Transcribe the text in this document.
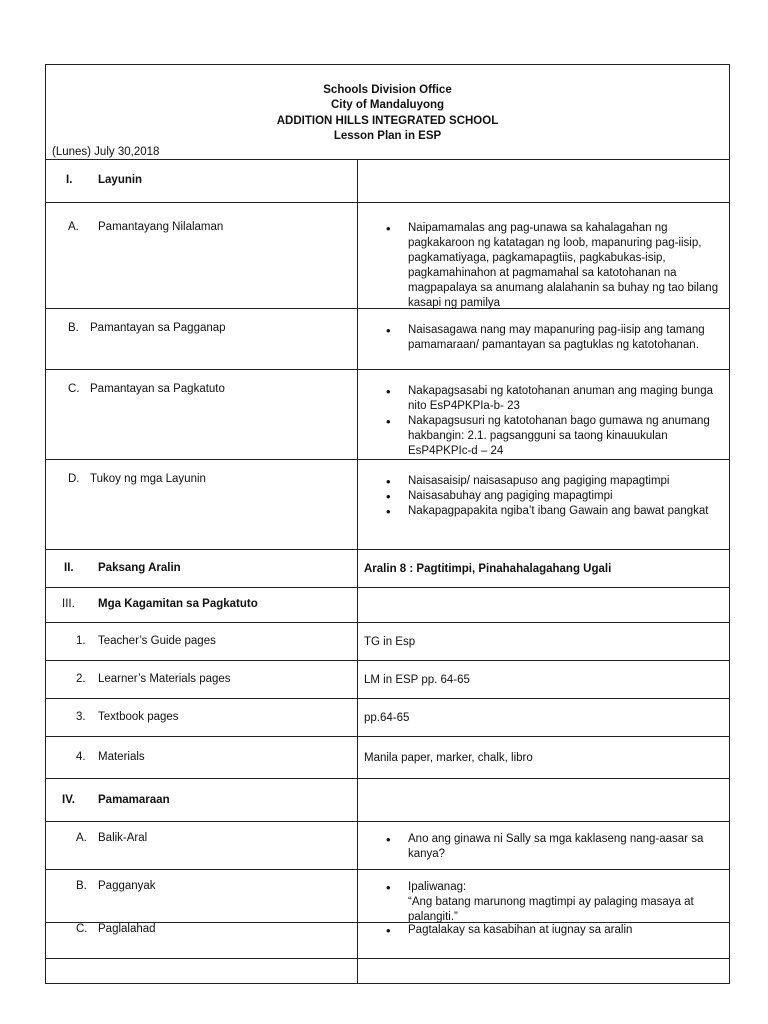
Schools Division Office
City of Mandaluyong
ADDITION HILLS INTEGRATED SCHOOL
Lesson Plan in ESP
(Lunes) July 30,2018
I. Layunin
A. Pamantayang Nilalaman	• Naipamamalas ang pag-unawa sa kahalagahan ng pagkakaroon ng katatagan ng loob, mapanuring pag-iisip, pagkamatiyaga, pagkamapagtiis, pagkabukas-isip, pagkamahinahon at pagmamahal sa katotohanan na magpapalaya sa anumang alalahanin sa buhay ng tao bilang kasapi ng pamilya
B. Pamantayan sa Pagganap	• Naisasagawa nang may mapanuring pag-iisip ang tamang pamamaraan/ pamantayan sa pagtuklas ng katotohanan.
C. Pamantayan sa Pagkatuto	• Nakapagsasabi ng katotohanan anuman ang maging bunga nito EsP4PKPIa-b- 23
• Nakapagsusuri ng katotohanan bago gumawa ng anumang hakbangin: 2.1. pagsangguni sa taong kinauukulan EsP4PKPIc-d – 24
D. Tukoy ng mga Layunin	• Naisasaisip/ naisasapuso ang pagiging mapagtimpi
• Naisasabuhay ang pagiging mapagtimpi
• Nakapagpapakita ngiba’t ibang Gawain ang bawat pangkat
II. Paksang Aralin	Aralin 8 : Pagtitimpi, Pinahahalagahang Ugali
III. Mga Kagamitan sa Pagkatuto
1. Teacher’s Guide pages	TG in Esp
2. Learner’s Materials pages	LM in ESP pp. 64-65
3. Textbook pages	pp.64-65
4. Materials	Manila paper, marker, chalk, libro
IV. Pamamaraan
A. Balik-Aral	• Ano ang ginawa ni Sally sa mga kaklaseng nang-aasar sa kanya?
B. Pagganyak	• Ipaliwanag:
“Ang batang marunong magtimpi ay palaging masaya at palangiti.”
C. Paglalahad	• Pagtalakay sa kasabihan at iugnay sa aralin
